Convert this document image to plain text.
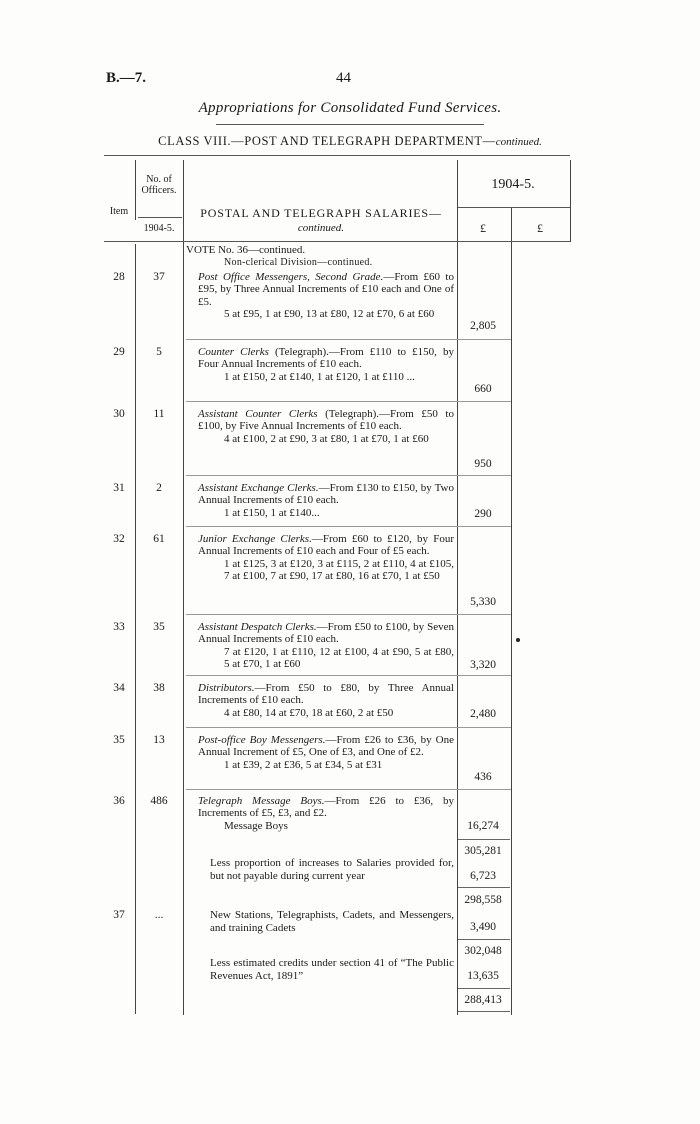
B.—7.	44
Appropriations for Consolidated Fund Services.
CLASS VIII.—POST AND TELEGRAPH DEPARTMENT—continued.
No. of Officers.
Item
1904-5.
POSTAL AND TELEGRAPH SALARIES—
continued.
1904-5.
£	£
VOTE No. 36—continued.
Non-clerical Division—continued.
28	37	Post Office Messengers, Second Grade.—From £60 to £95, by Three Annual Increments of £10 each and One of £5.

5 at £95, 1 at £90, 13 at £80, 12 at £70, 6 at £60

2,805
29	5	Counter Clerks (Telegraph).—From £110 to £150, by Four Annual Increments of £10 each.

1 at £150, 2 at £140, 1 at £120, 1 at £110 ...

660
30	11	Assistant Counter Clerks (Telegraph).—From £50 to £100, by Five Annual Increments of £10 each.

4 at £100, 2 at £90, 3 at £80, 1 at £70, 1 at £60

950
31	2	Assistant Exchange Clerks.—From £130 to £150, by Two Annual Increments of £10 each.

1 at £150, 1 at £140...	290
32	61	Junior Exchange Clerks.—From £60 to £120, by Four Annual Increments of £10 each and Four of £5 each.

1 at £125, 3 at £120, 3 at £115, 2 at £110, 4 at £105, 7 at £100, 7 at £90, 17 at £80, 16 at £70, 1 at £50

5,330
33	35	Assistant Despatch Clerks.—From £50 to £100, by Seven Annual Increments of £10 each.

7 at £120, 1 at £110, 12 at £100, 4 at £90, 5 at £80, 5 at £70, 1 at £60	3,320
34	38	Distributors.—From £50 to £80, by Three Annual Increments of £10 each.

4 at £80, 14 at £70, 18 at £60, 2 at £50	2,480
35	13	Post-office Boy Messengers.—From £26 to £36, by One Annual Increment of £5, One of £3, and One of £2.

1 at £39, 2 at £36, 5 at £34, 5 at £31

436
36	486	Telegraph Message Boys.—From £26 to £36, by Increments of £5, £3, and £2.

Message Boys	16,274
305,281
Less proportion of increases to Salaries provided for, but not payable during current year	6,723
298,558
37	...	New Stations, Telegraphists, Cadets, and Messengers, and training Cadets	3,490
302,048
Less estimated credits under section 41 of “The Public Revenues Act, 1891”	13,635
288,413
